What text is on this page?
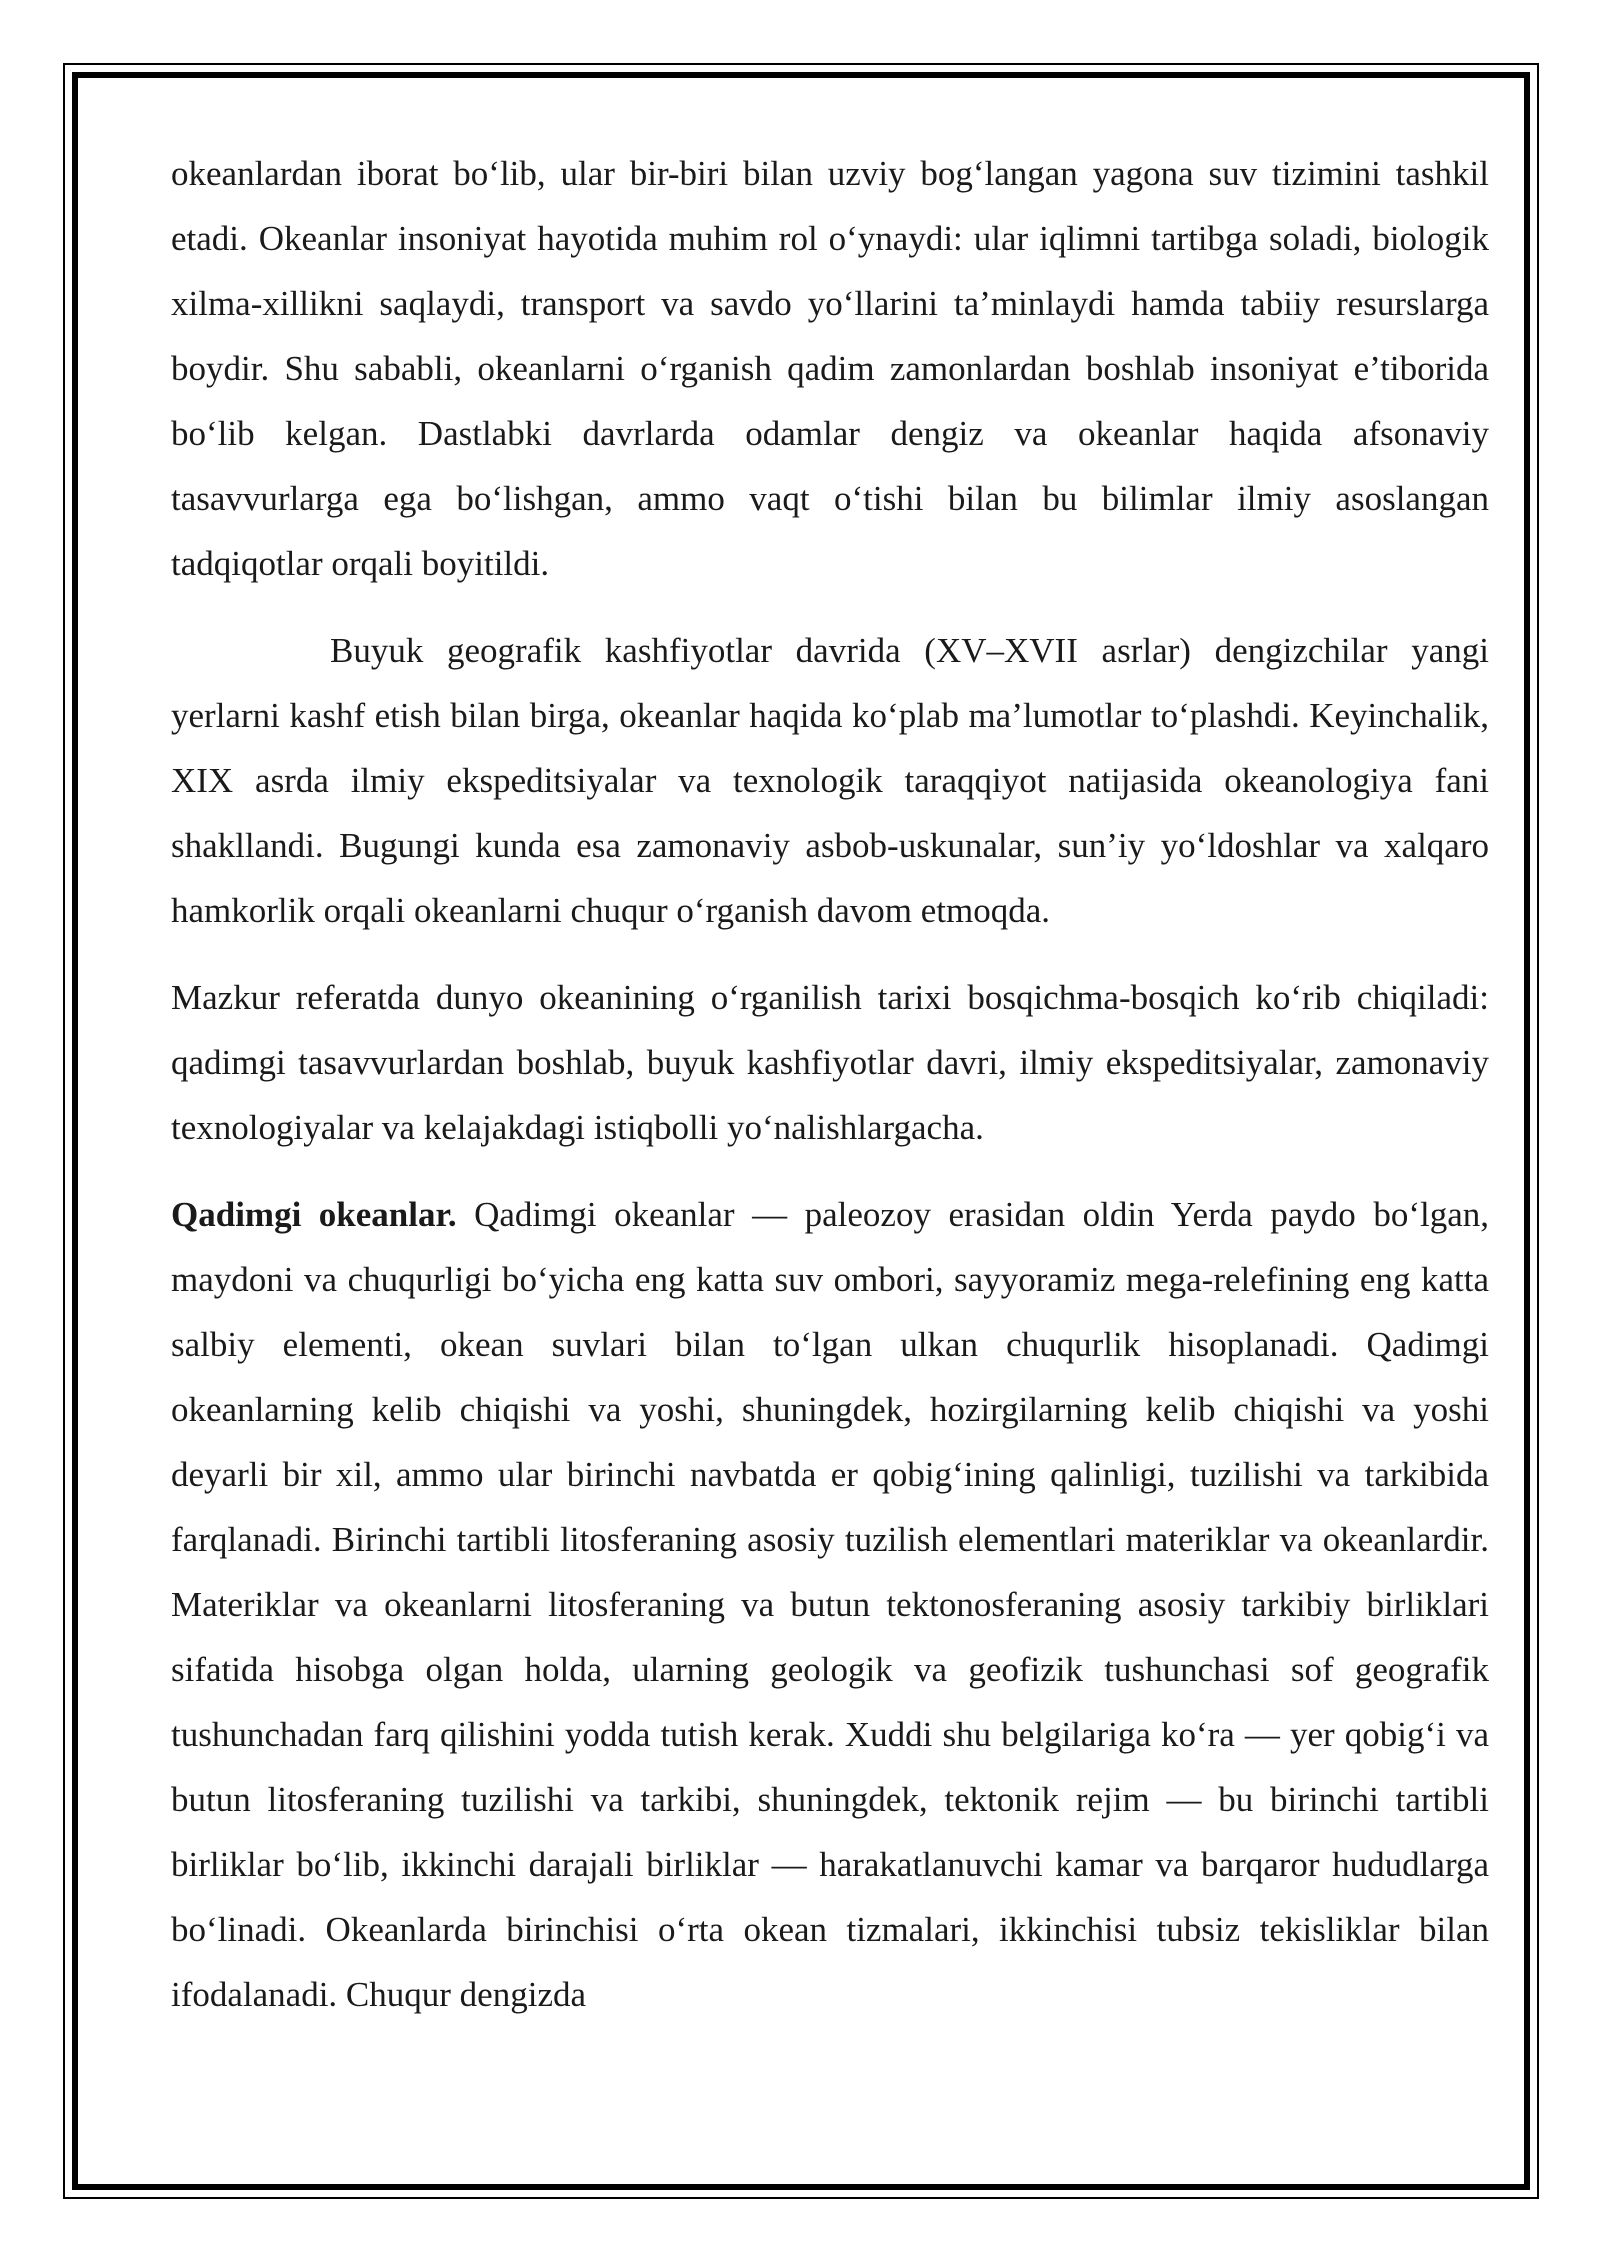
okeanlardan iborat bo‘lib, ular bir-biri bilan uzviy bog‘langan yagona suv tizimini tashkil etadi. Okeanlar insoniyat hayotida muhim rol o‘ynaydi: ular iqlimni tartibga soladi, biologik xilma-xillikni saqlaydi, transport va savdo yo‘llarini ta’minlaydi hamda tabiiy resurslarga boydir. Shu sababli, okeanlarni o‘rganish qadim zamonlardan boshlab insoniyat e’tiborida bo‘lib kelgan. Dastlabki davrlarda odamlar dengiz va okeanlar haqida afsonaviy tasavvurlarga ega bo‘lishgan, ammo vaqt o‘tishi bilan bu bilimlar ilmiy asoslangan tadqiqotlar orqali boyitildi.

Buyuk geografik kashfiyotlar davrida (XV–XVII asrlar) dengizchilar yangi yerlarni kashf etish bilan birga, okeanlar haqida ko‘plab ma’lumotlar to‘plashdi. Keyinchalik, XIX asrda ilmiy ekspeditsiyalar va texnologik taraqqiyot natijasida okeanologiya fani shakllandi. Bugungi kunda esa zamonaviy asbob-uskunalar, sun’iy yo‘ldoshlar va xalqaro hamkorlik orqali okeanlarni chuqur o‘rganish davom etmoqda.

Mazkur referatda dunyo okeanining o‘rganilish tarixi bosqichma-bosqich ko‘rib chiqiladi: qadimgi tasavvurlardan boshlab, buyuk kashfiyotlar davri, ilmiy ekspeditsiyalar, zamonaviy texnologiyalar va kelajakdagi istiqbolli yo‘nalishlargacha.

Qadimgi okeanlar. Qadimgi okeanlar — paleozoy erasidan oldin Yerda paydo bo‘lgan, maydoni va chuqurligi bo‘yicha eng katta suv ombori, sayyoramiz mega-relefining eng katta salbiy elementi, okean suvlari bilan to‘lgan ulkan chuqurlik hisoplanadi. Qadimgi okeanlarning kelib chiqishi va yoshi, shuningdek, hozirgilarning kelib chiqishi va yoshi deyarli bir xil, ammo ular birinchi navbatda er qobig‘ining qalinligi, tuzilishi va tarkibida farqlanadi. Birinchi tartibli litosferaning asosiy tuzilish elementlari materiklar va okeanlardir. Materiklar va okeanlarni litosferaning va butun tektonosferaning asosiy tarkibiy birliklari sifatida hisobga olgan holda, ularning geologik va geofizik tushunchasi sof geografik tushunchadan farq qilishini yodda tutish kerak. Xuddi shu belgilariga ko‘ra — yer qobig‘i va butun litosferaning tuzilishi va tarkibi, shuningdek, tektonik rejim — bu birinchi tartibli birliklar bo‘lib, ikkinchi darajali birliklar — harakatlanuvchi kamar va barqaror hududlarga bo‘linadi. Okeanlarda birinchisi o‘rta okean tizmalari, ikkinchisi tubsiz tekisliklar bilan ifodalanadi. Chuqur dengizda
